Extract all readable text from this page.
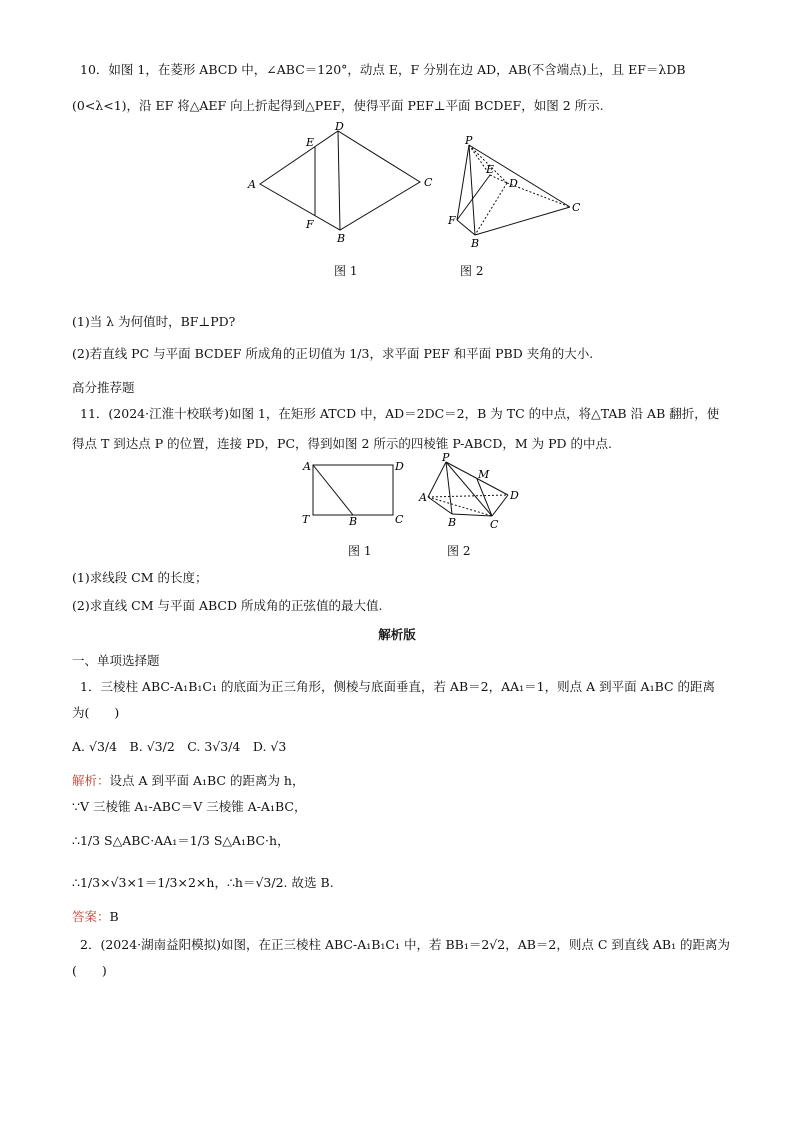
10．如图 1，在菱形 ABCD 中，∠ABC＝120°，动点 E，F 分别在边 AD，AB(不含端点)上，且 EF＝λDB
(0<λ<1)，沿 EF 将△AEF 向上折起得到△PEF，使得平面 PEF⊥平面 BCDEF，如图 2 所示.
A
D
C
B
E
F
P
E
D
C
F
B
图 1	图 2
(1)当 λ 为何值时，BF⊥PD?
(2)若直线 PC 与平面 BCDEF 所成角的正切值为 1/3，求平面 PEF 和平面 PBD 夹角的大小.
高分推荐题
11．(2024·江淮十校联考)如图 1，在矩形 ATCD 中，AD＝2DC＝2，B 为 TC 的中点，将△TAB 沿 AB 翻折，使
得点 T 到达点 P 的位置，连接 PD，PC，得到如图 2 所示的四棱锥 P-ABCD，M 为 PD 的中点.
A	D
T	B	C
P
M
A	D
B	C
图 1	图 2
(1)求线段 CM 的长度；
(2)求直线 CM 与平面 ABCD 所成角的正弦值的最大值.
解析版
一、单项选择题
1．三棱柱 ABC-A₁B₁C₁ 的底面为正三角形，侧棱与底面垂直，若 AB＝2，AA₁＝1，则点 A 到平面 A₁BC 的距离
为(　　)
A. √3/4　B. √3/2　C. 3√3/4　D. √3
解析：设点 A 到平面 A₁BC 的距离为 h，
∵V 三棱锥 A₁-ABC＝V 三棱锥 A-A₁BC，
∴1/3 S△ABC·AA₁＝1/3 S△A₁BC·h，
∴1/3×√3×1＝1/3×2×h，∴h＝√3/2. 故选 B.
答案：B
2．(2024·湖南益阳模拟)如图，在正三棱柱 ABC-A₁B₁C₁ 中，若 BB₁＝2√2，AB＝2，则点 C 到直线 AB₁ 的距离为
(　　)
